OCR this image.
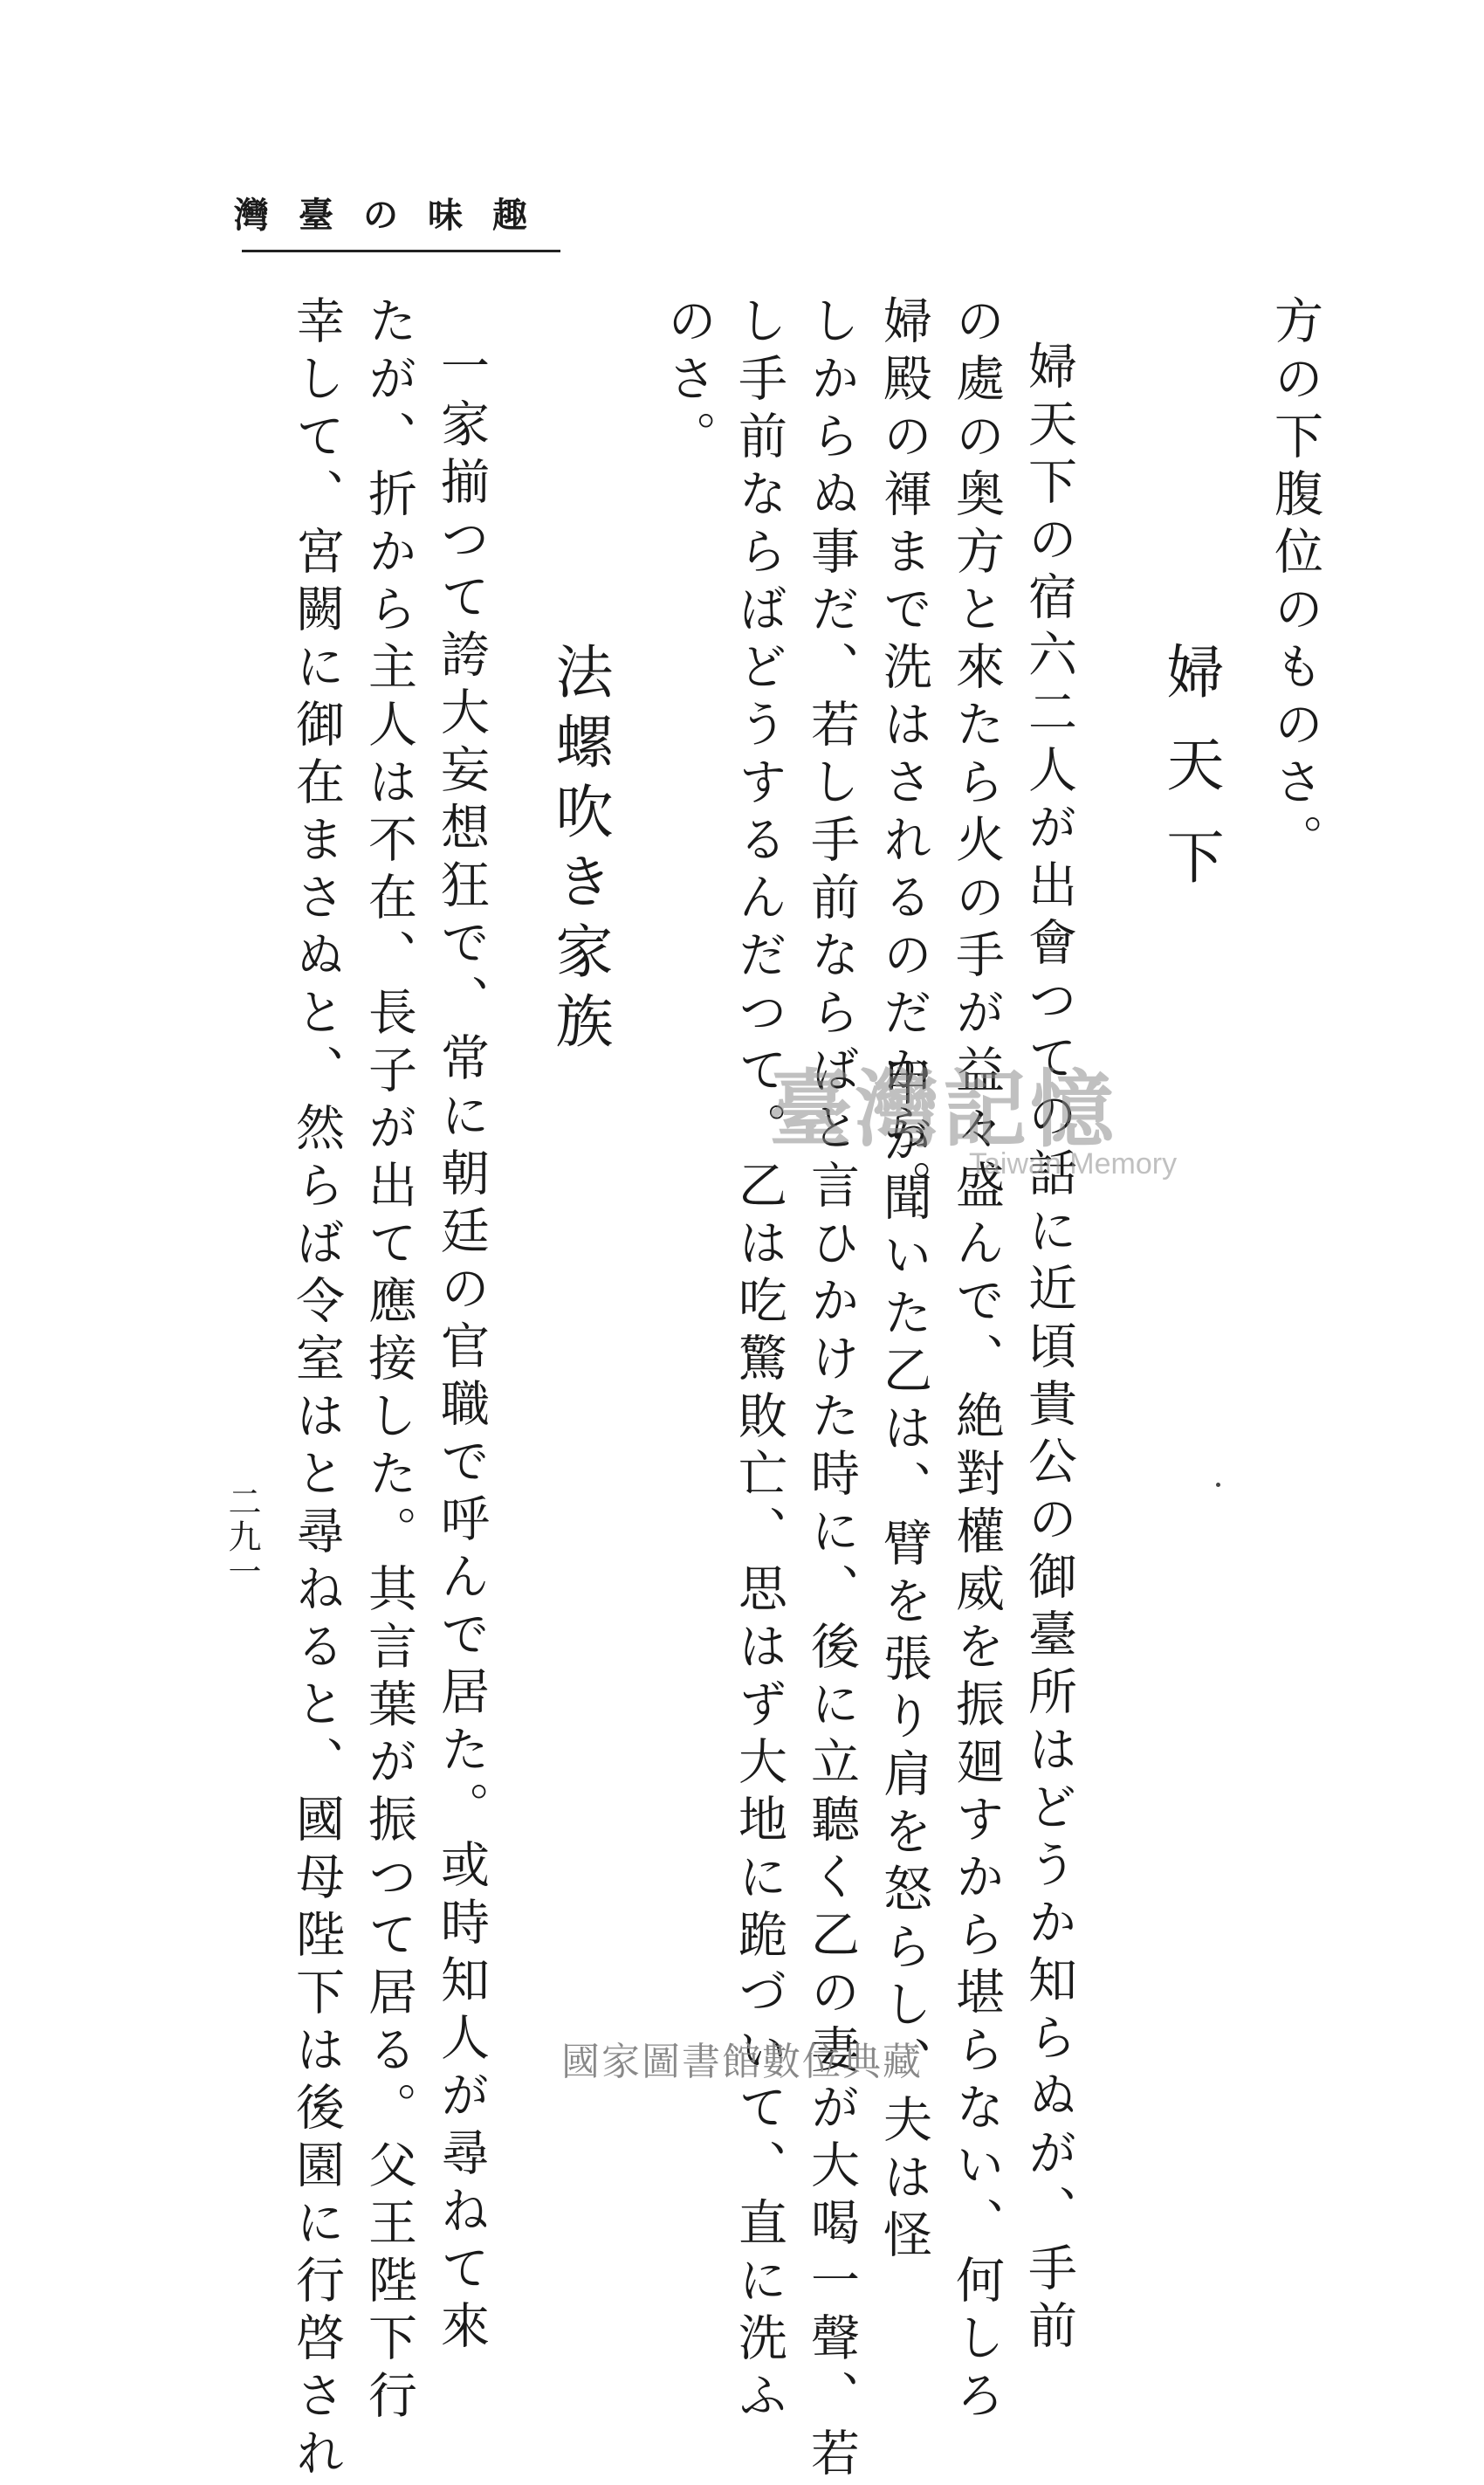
趣味の臺灣
方の下腹位のものさ。
婦天下
婦天下の宿六二人が出會つての話に近頃貴公の御臺所はどうか知らぬが、手前
の處の奥方と來たら火の手が益々盛んで、絶對權威を振廻すから堪らない、何しろ
婦殿の褌まで洗はされるのだから。
甲が聞いた乙は、臂を張り肩を怒らし、夫は怪
しからぬ事だ、若し手前ならばと言ひかけた時に、後に立聽く乙の妻が大喝一聲、若
し手前ならばどうするんだつて。乙は吃驚敗亡、思はず大地に跪づいて、直に洗ふ
のさ。
法螺吹き家族
一家揃つて誇大妄想狂で、常に朝廷の官職で呼んで居た。或時知人が尋ねて來
たが、折から主人は不在、長子が出て應接した。其言葉が振つて居る。父王陛下行
幸して、宮闕に御在まさぬと、然らば令室はと尋ねると、國母陛下は後園に行啓され
二九一
臺灣記憶
Taiwan Memory
國家圖書館數位典藏
